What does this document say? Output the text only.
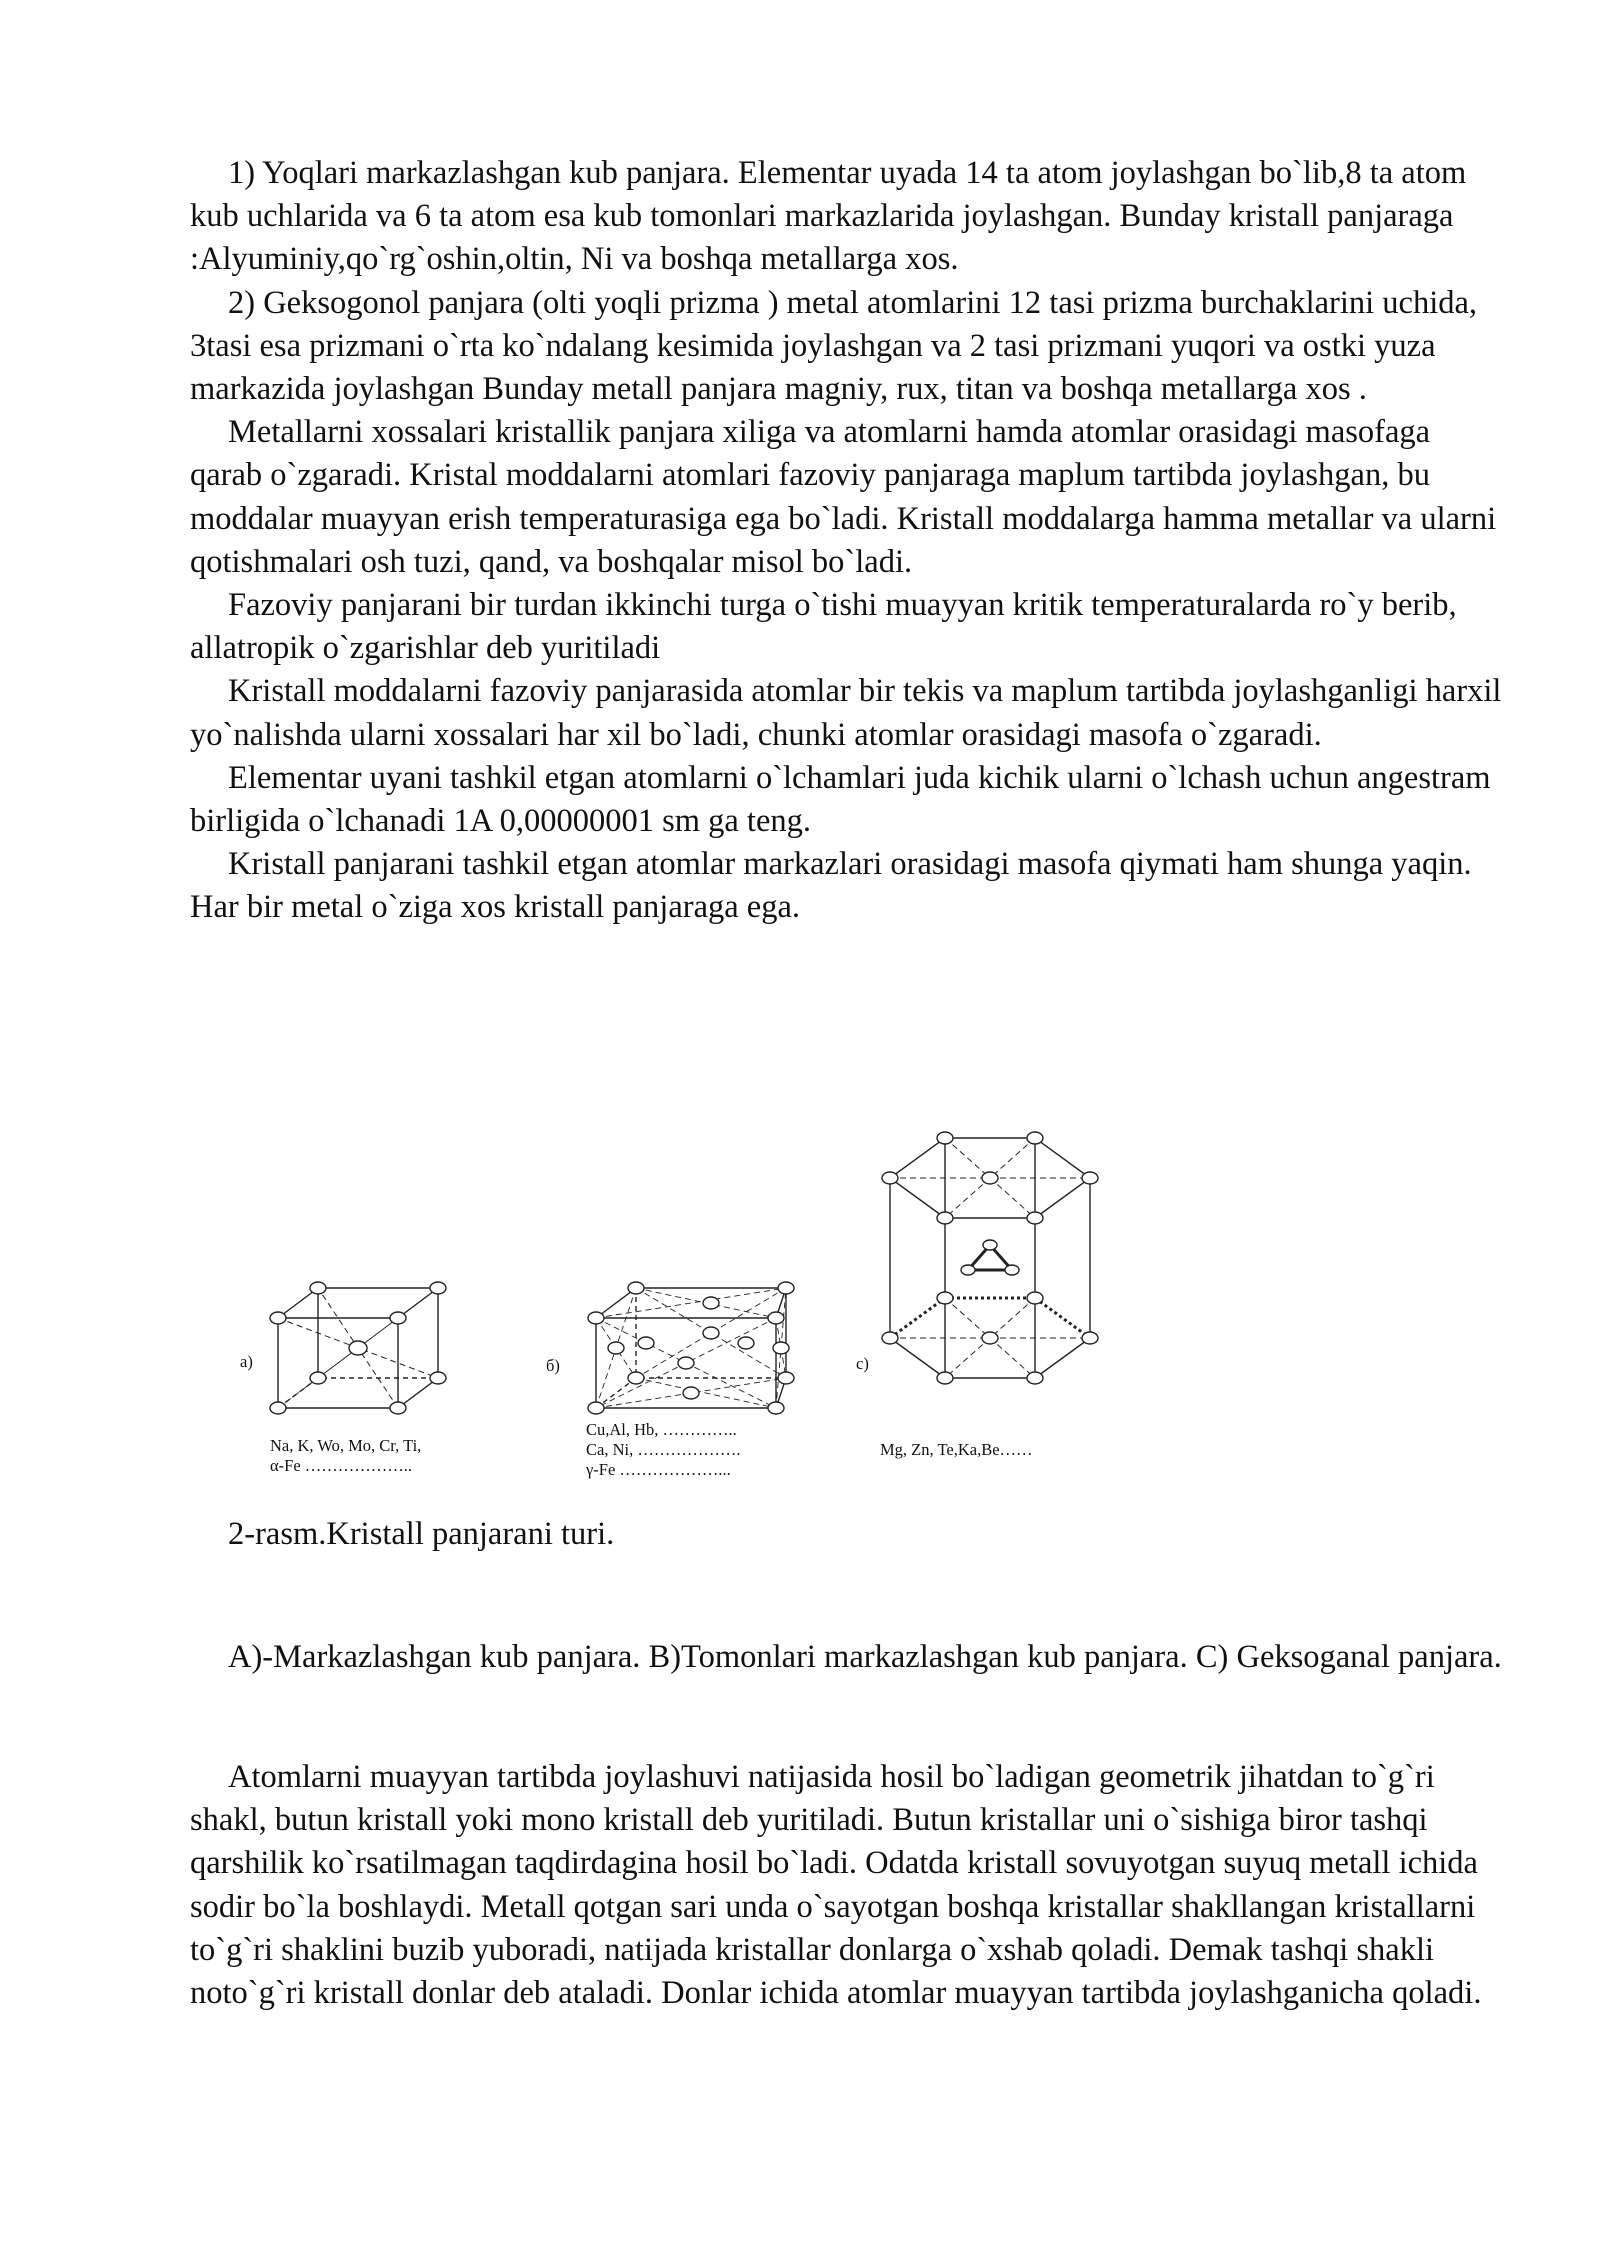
1) Yoqlari markazlashgan kub panjara. Elementar uyada 14 ta atom joylashgan bo`lib,8 ta atom kub uchlarida va 6 ta atom esa kub tomonlari markazlarida joylashgan. Bunday kristall panjaraga :Alyuminiy,qo`rg`oshin,oltin, Ni va boshqa metallarga xos.

2) Geksogonol panjara (olti yoqli prizma ) metal atomlarini 12 tasi prizma burchaklarini uchida, 3tasi esa prizmani o`rta ko`ndalang kesimida joylashgan va 2 tasi prizmani yuqori va ostki yuza markazida joylashgan Bunday metall panjara magniy, rux, titan va boshqa metallarga xos .

Metallarni xossalari kristallik panjara xiliga va atomlarni hamda atomlar orasidagi masofaga qarab o`zgaradi. Kristal moddalarni atomlari fazoviy panjaraga maplum tartibda joylashgan, bu moddalar muayyan erish temperaturasiga ega bo`ladi. Kristall moddalarga hamma metallar va ularni qotishmalari osh tuzi, qand, va boshqalar misol bo`ladi.

Fazoviy panjarani bir turdan ikkinchi turga o`tishi muayyan kritik temperaturalarda ro`y berib, allatropik o`zgarishlar deb yuritiladi

Kristall moddalarni fazoviy panjarasida atomlar bir tekis va maplum tartibda joylashganligi harxil yo`nalishda ularni xossalari har xil bo`ladi, chunki atomlar orasidagi masofa o`zgaradi.

Elementar uyani tashkil etgan atomlarni o`lchamlari juda kichik ularni o`lchash uchun angestram birligida o`lchanadi 1A 0,00000001 sm ga teng.

Kristall panjarani tashkil etgan atomlar markazlari orasidagi masofa qiymati ham shunga yaqin. Har bir metal o`ziga xos kristall panjaraga ega.

a)	б)	c)
Na, K, Wo, Mo, Cr, Ti,
α-Fe ………………..
Cu,Al, Hb, …………..
Ca, Ni, ……………….
γ-Fe ………………...
Mg, Zn, Te,Ka,Be……
2-rasm.Kristall panjarani turi.

A)-Markazlashgan kub panjara. B)Tomonlari markazlashgan kub panjara. C) Geksoganal panjara.

Atomlarni muayyan tartibda joylashuvi natijasida hosil bo`ladigan geometrik jihatdan to`g`ri shakl, butun kristall yoki mono kristall deb yuritiladi. Butun kristallar uni o`sishiga biror tashqi qarshilik ko`rsatilmagan taqdirdagina hosil bo`ladi. Odatda kristall sovuyotgan suyuq metall ichida sodir bo`la boshlaydi. Metall qotgan sari unda o`sayotgan boshqa kristallar shakllangan kristallarni to`g`ri shaklini buzib yuboradi, natijada kristallar donlarga o`xshab qoladi. Demak tashqi shakli noto`g`ri kristall donlar deb ataladi. Donlar ichida atomlar muayyan tartibda joylashganicha qoladi.
